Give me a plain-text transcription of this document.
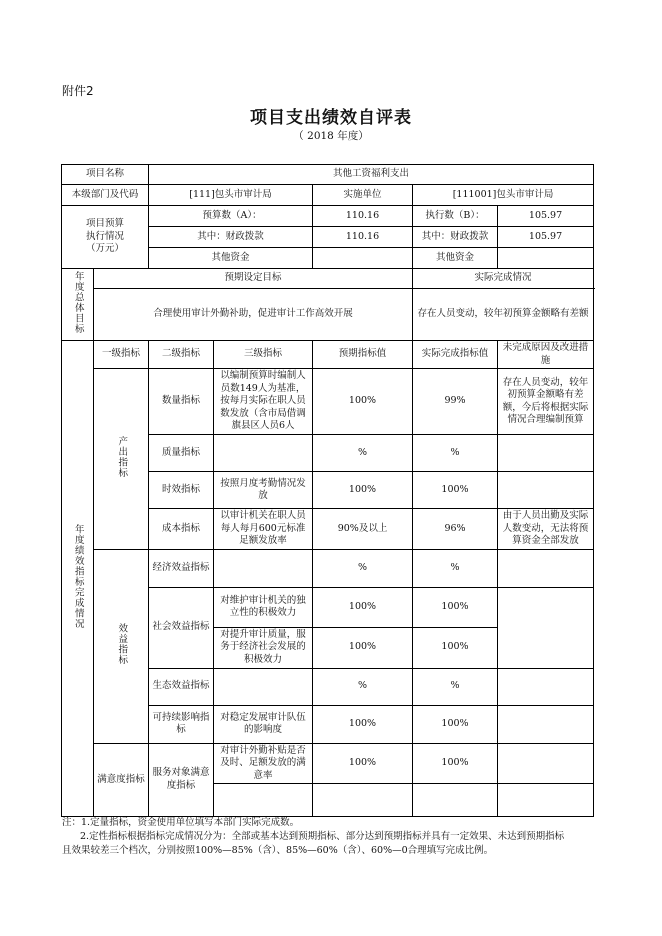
附件2
项目支出绩效自评表
（ 2018 年度）
项目名称		其他工资福利支出					
本级部门及代码		[111]包头市审计局		实施单位	[111001]包头市审计局		

项目预算
执行情况
（万元）		预算数（A）：		110.16	执行数（B）：	105.97	
		其中：财政拨款		110.16	其中：财政拨款	105.97	
		其他资金			其他资金		
年度总体目标	预期设定目标				实际完成情况		
	合理使用审计外勤补助，促进审计工作高效开展				存在人员变动，较年初预算金额略有差额		
年度绩效指标完成情况	一级指标	二级指标	三级指标	预期指标值	实际完成指标值	未完成原因及改进措施	
	产出指标	数量指标	以编制预算时编制人员数149人为基准，按每月实际在职人员数发放（含市局借调旗县区人员6人	100%	99%	存在人员变动，较年初预算金额略有差额，今后将根据实际情况合理编制预算	
		质量指标		%	%		
		时效指标	按照月度考勤情况发放	100%	100%		
		成本指标	以审计机关在职人员每人每月600元标准足额发放率	90%及以上	96%	由于人员出勤及实际人数变动，无法将预算资金全部发放	
	效益指标	经济效益指标		%	%		
		社会效益指标	对维护审计机关的独立性的积极效力	100%	100%		
			对提升审计质量，服务于经济社会发展的积极效力	100%	100%		
		生态效益指标		%	%		
		可持续影响指标	对稳定发展审计队伍的影响度	100%	100%		

	满意度指标	服务对象满意度指标	对审计外勤补贴是否及时、足额发放的满意率	100%	100%		

注：1.定量指标，资金使用单位填写本部门实际完成数。

2.定性指标根据指标完成情况分为：全部或基本达到预期指标、部分达到预期指标并具有一定效果、未达到预期指标

且效果较差三个档次，分别按照100%—85%（含）、85%—60%（含）、60%—0合理填写完成比例。
